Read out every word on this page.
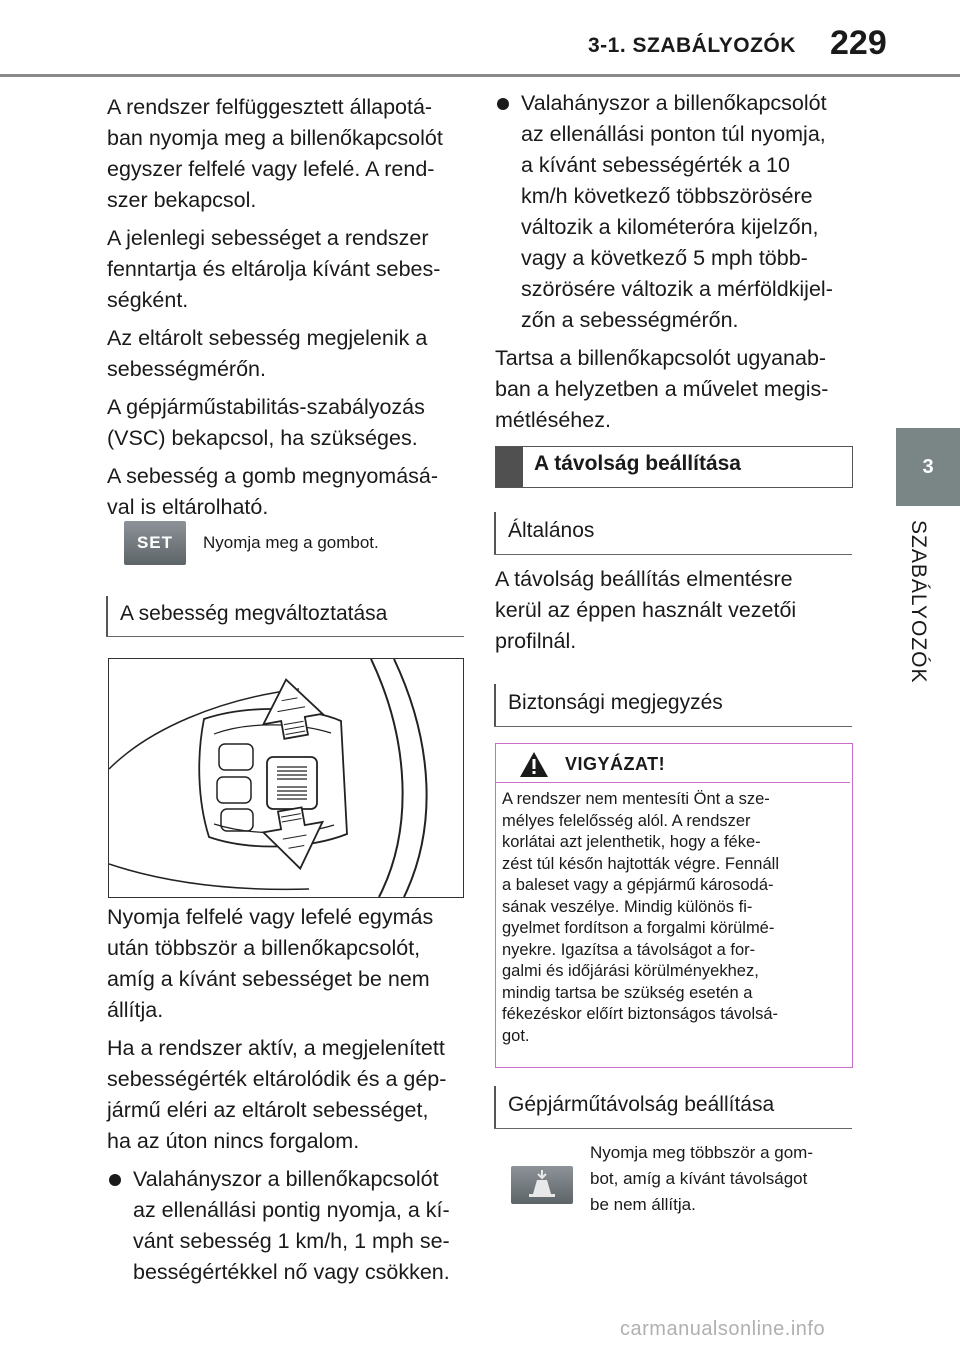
3-1. SZABÁLYOZÓK 229
3
SZABÁLYOZÓK

A rendszer felfüggesztett állapotá-
ban nyomja meg a billenőkapcsolót
egyszer felfelé vagy lefelé. A rend-
szer bekapcsol.

A jelenlegi sebességet a rendszer
fenntartja és eltárolja kívánt sebes-
ségként.

Az eltárolt sebesség megjelenik a
sebességmérőn.

A gépjárműstabilitás-szabályozás
(VSC) bekapcsol, ha szükséges.

A sebesség a gomb megnyomásá-
val is eltárolható.

SET	Nyomja meg a gombot.
A sebesség megváltoztatása

Nyomja felfelé vagy lefelé egymás
után többször a billenőkapcsolót,
amíg a kívánt sebességet be nem
állítja.

Ha a rendszer aktív, a megjelenített
sebességérték eltárolódik és a gép-
jármű eléri az eltárolt sebességet,
ha az úton nincs forgalom.

Valahányszor a billenőkapcsolót
az ellenállási pontig nyomja, a kí-
vánt sebesség 1 km/h, 1 mph se-
bességértékkel nő vagy csökken.

Valahányszor a billenőkapcsolót
az ellenállási ponton túl nyomja,
a kívánt sebességérték a 10
km/h következő többszörösére
változik a kilométeróra kijelzőn,
vagy a következő 5 mph több-
szörösére változik a mérföldkijel-
zőn a sebességmérőn.

Tartsa a billenőkapcsolót ugyanab-
ban a helyzetben a művelet megis-
métléséhez.

A távolság beállítása
Általános

A távolság beállítás elmentésre
kerül az éppen használt vezetői
profilnál.

Biztonsági megjegyzés
VIGYÁZAT!

A rendszer nem mentesíti Önt a sze-
mélyes felelősség alól. A rendszer
korlátai azt jelenthetik, hogy a féke-
zést túl későn hajtották végre. Fennáll
a baleset vagy a gépjármű károsodá-
sának veszélye. Mindig különös fi-
gyelmet fordítson a forgalmi körülmé-
nyekre. Igazítsa a távolságot a for-
galmi és időjárási körülményekhez,
mindig tartsa be szükség esetén a
fékezéskor előírt biztonságos távolsá-
got.

Gépjárműtávolság beállítása

Nyomja meg többször a gom-
bot, amíg a kívánt távolságot
be nem állítja.

carmanualsonline.info
